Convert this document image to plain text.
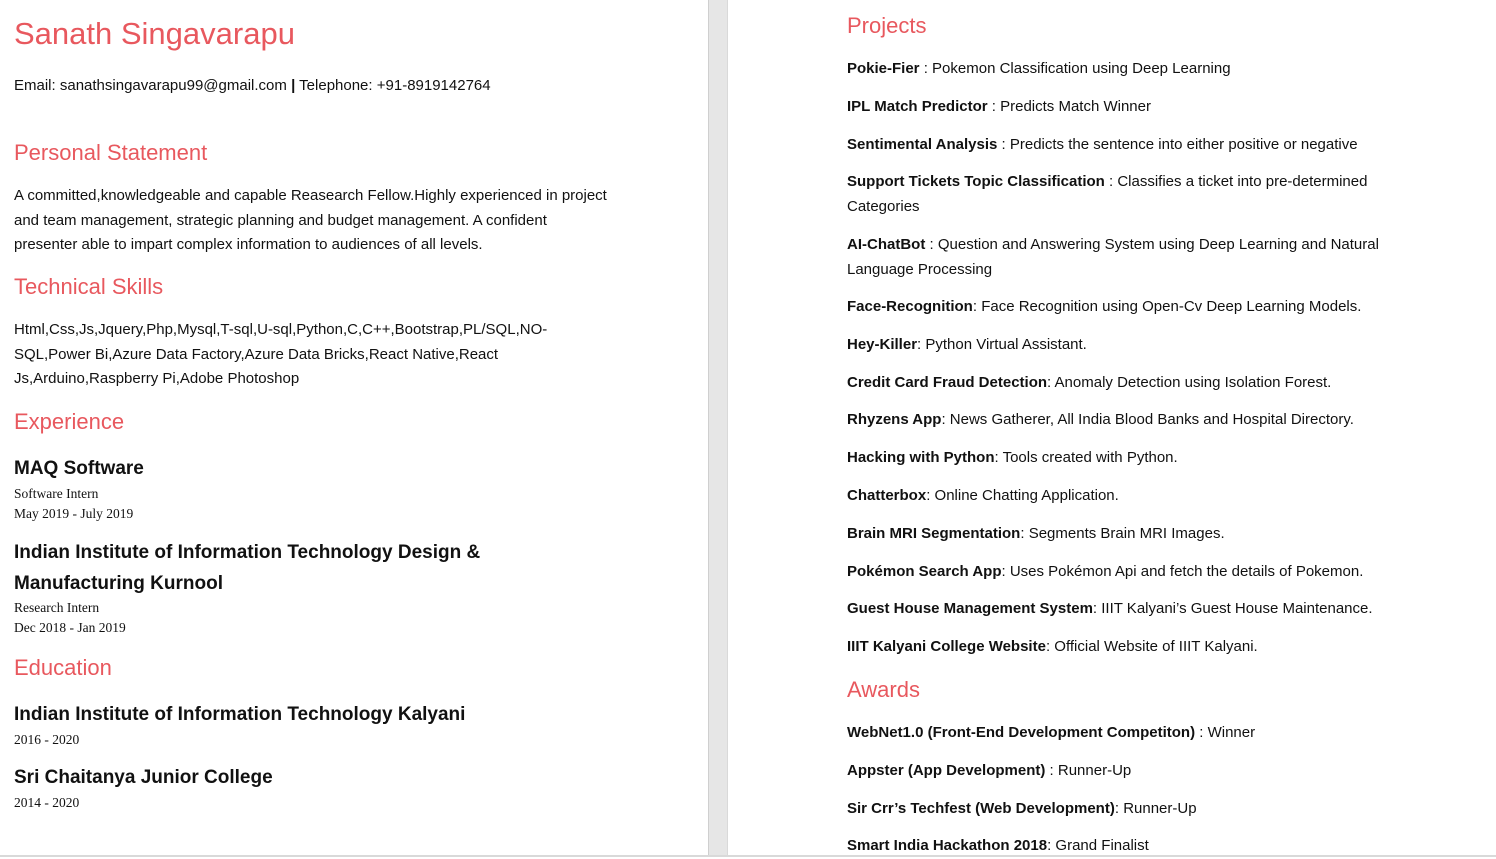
Sanath Singavarapu
Email: sanathsingavarapu99@gmail.com | Telephone: +91-8919142764
Personal Statement
A committed,knowledgeable and capable Reasearch Fellow.Highly experienced in project and team management, strategic planning and budget management. A confident presenter able to impart complex information to audiences of all levels.
Technical Skills
Html,Css,Js,Jquery,Php,Mysql,T-sql,U-sql,Python,C,C++,Bootstrap,PL/SQL,NO-SQL,Power Bi,Azure Data Factory,Azure Data Bricks,React Native,React Js,Arduino,Raspberry Pi,Adobe Photoshop
Experience
MAQ Software
Software Intern
May 2019 - July 2019
Indian Institute of Information Technology Design & Manufacturing Kurnool
Research Intern
Dec 2018 - Jan 2019
Education
Indian Institute of Information Technology Kalyani
2016 - 2020
Sri Chaitanya Junior College
2014 - 2020
Projects
Pokie-Fier : Pokemon Classification using Deep Learning
IPL Match Predictor : Predicts Match Winner
Sentimental Analysis : Predicts the sentence into either positive or negative
Support Tickets Topic Classification : Classifies a ticket into pre-determined Categories
AI-ChatBot : Question and Answering System using Deep Learning and Natural Language Processing
Face-Recognition: Face Recognition using Open-Cv Deep Learning Models.
Hey-Killer: Python Virtual Assistant.
Credit Card Fraud Detection: Anomaly Detection using Isolation Forest.
Rhyzens App: News Gatherer, All India Blood Banks and Hospital Directory.
Hacking with Python: Tools created with Python.
Chatterbox: Online Chatting Application.
Brain MRI Segmentation: Segments Brain MRI Images.
Pokémon Search App: Uses Pokémon Api and fetch the details of Pokemon.
Guest House Management System: IIIT Kalyani’s Guest House Maintenance.
IIIT Kalyani College Website: Official Website of IIIT Kalyani.
Awards
WebNet1.0 (Front-End Development Competiton) : Winner
Appster (App Development) : Runner-Up
Sir Crr’s Techfest (Web Development): Runner-Up
Smart India Hackathon 2018: Grand Finalist
